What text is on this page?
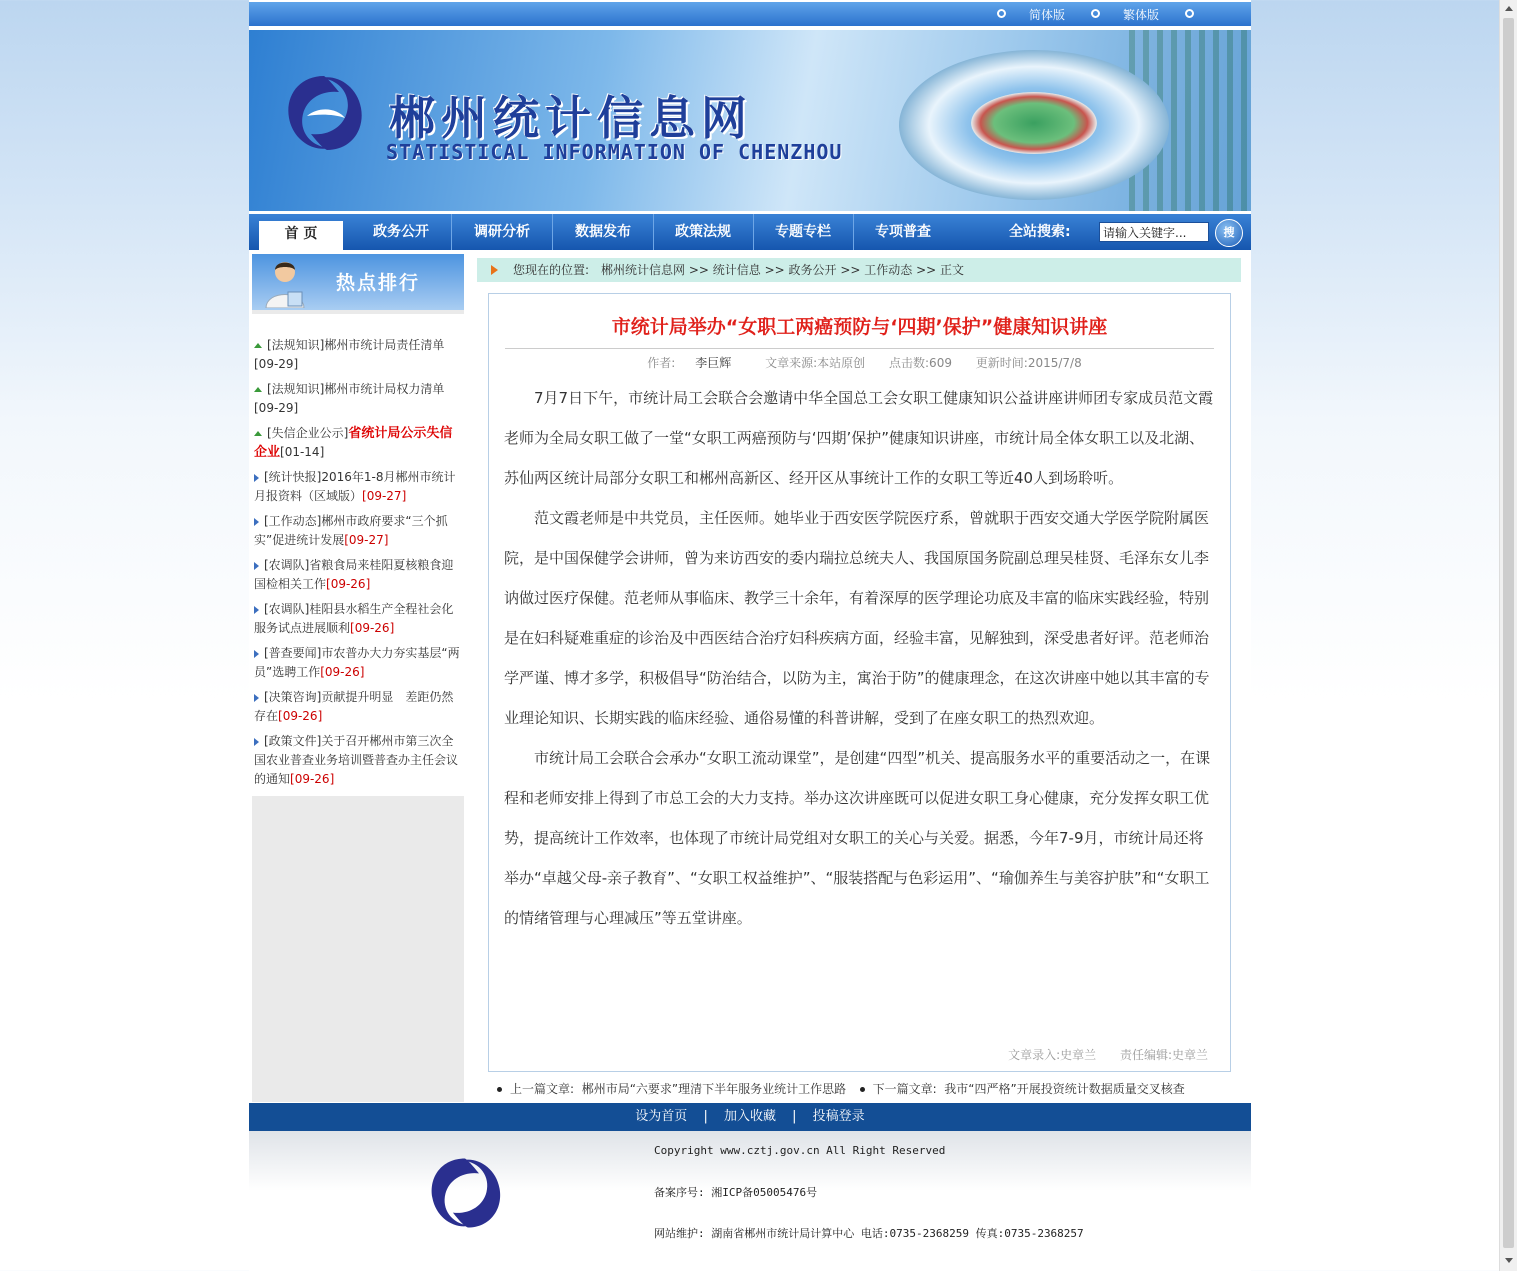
简体版	繁体版
郴州统计信息网
STATISTICAL INFORMATION OF CHENZHOU
首 页	政务公开	调研分析	数据发布	政策法规	专题专栏	专项普查	全站搜索:
请输入关键字...	搜
热点排行
[法规知识]郴州市统计局责任清单
[09-29]
[法规知识]郴州市统计局权力清单
[09-29]
[失信企业公示]省统计局公示失信企业[01-14]
[统计快报]2016年1-8月郴州市统计月报资料（区域版）[09-27]
[工作动态]郴州市政府要求“三个抓实”促进统计发展[09-27]
[农调队]省粮食局来桂阳夏核粮食迎国检相关工作[09-26]
[农调队]桂阳县水稻生产全程社会化服务试点进展顺利[09-26]
[普查要闻]市农普办大力夯实基层“两员”选聘工作[09-26]
[决策咨询]贡献提升明显　差距仍然存在[09-26]
[政策文件]关于召开郴州市第三次全国农业普查业务培训暨普查办主任会议的通知[09-26]
您现在的位置:　郴州统计信息网 >> 统计信息 >> 政务公开 >> 工作动态 >> 正文
市统计局举办“女职工两癌预防与‘四期’保护”健康知识讲座
作者: 李巨辉	文章来源:本站原创 点击数:609 更新时间:2015/7/8

7月7日下午，市统计局工会联合会邀请中华全国总工会女职工健康知识公益讲座讲师团专家成员范文霞老师为全局女职工做了一堂“女职工两癌预防与‘四期’保护”健康知识讲座，市统计局全体女职工以及北湖、苏仙两区统计局部分女职工和郴州高新区、经开区从事统计工作的女职工等近40人到场聆听。

范文霞老师是中共党员，主任医师。她毕业于西安医学院医疗系，曾就职于西安交通大学医学院附属医院，是中国保健学会讲师，曾为来访西安的委内瑞拉总统夫人、我国原国务院副总理吴桂贤、毛泽东女儿李讷做过医疗保健。范老师从事临床、教学三十余年，有着深厚的医学理论功底及丰富的临床实践经验，特别是在妇科疑难重症的诊治及中西医结合治疗妇科疾病方面，经验丰富，见解独到，深受患者好评。范老师治学严谨、博才多学，积极倡导“防治结合，以防为主，寓治于防”的健康理念，在这次讲座中她以其丰富的专业理论知识、长期实践的临床经验、通俗易懂的科普讲解，受到了在座女职工的热烈欢迎。

市统计局工会联合会承办“女职工流动课堂”，是创建“四型”机关、提高服务水平的重要活动之一，在课程和老师安排上得到了市总工会的大力支持。举办这次讲座既可以促进女职工身心健康，充分发挥女职工优势，提高统计工作效率，也体现了市统计局党组对女职工的关心与关爱。据悉，今年7-9月，市统计局还将举办“卓越父母-亲子教育”、“女职工权益维护”、“服装搭配与色彩运用”、“瑜伽养生与美容护肤”和“女职工的情绪管理与心理减压”等五堂讲座。

文章录入:史章兰 责任编辑:史章兰
上一篇文章: 郴州市局“六要求”理清下半年服务业统计工作思路 下一篇文章: 我市“四严格”开展投资统计数据质量交叉核查
设为首页 | 加入收藏 | 投稿登录
Copyright www.cztj.gov.cn All Right Reserved
备案序号: 湘ICP备05005476号
网站维护: 湖南省郴州市统计局计算中心 电话:0735-2368259 传真:0735-2368257
